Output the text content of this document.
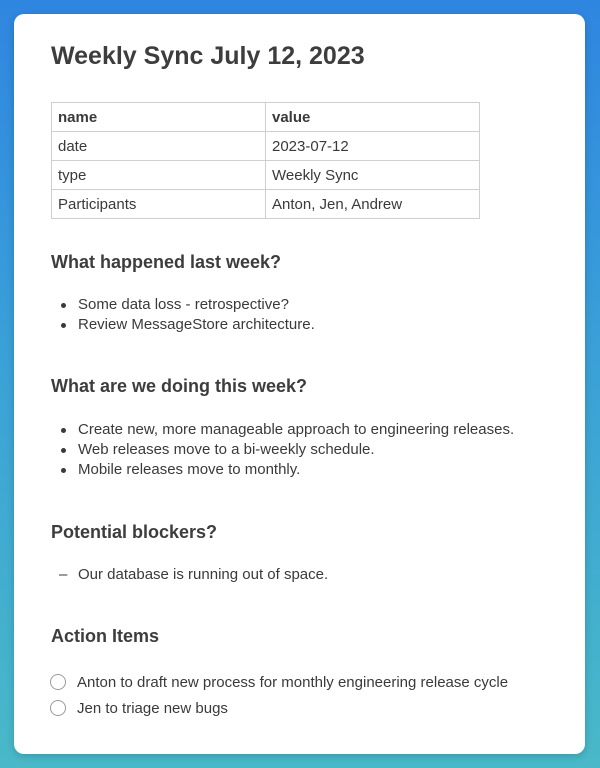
Weekly Sync July 12, 2023
name	value
date	2023-07-12
type	Weekly Sync
Participants	Anton, Jen, Andrew
What happened last week?
Some data loss - retrospective?
Review MessageStore architecture.
What are we doing this week?
Create new, more manageable approach to engineering releases.
Web releases move to a bi-weekly schedule.
Mobile releases move to monthly.
Potential blockers?
– Our database is running out of space.
Action Items
Anton to draft new process for monthly engineering release cycle
Jen to triage new bugs
